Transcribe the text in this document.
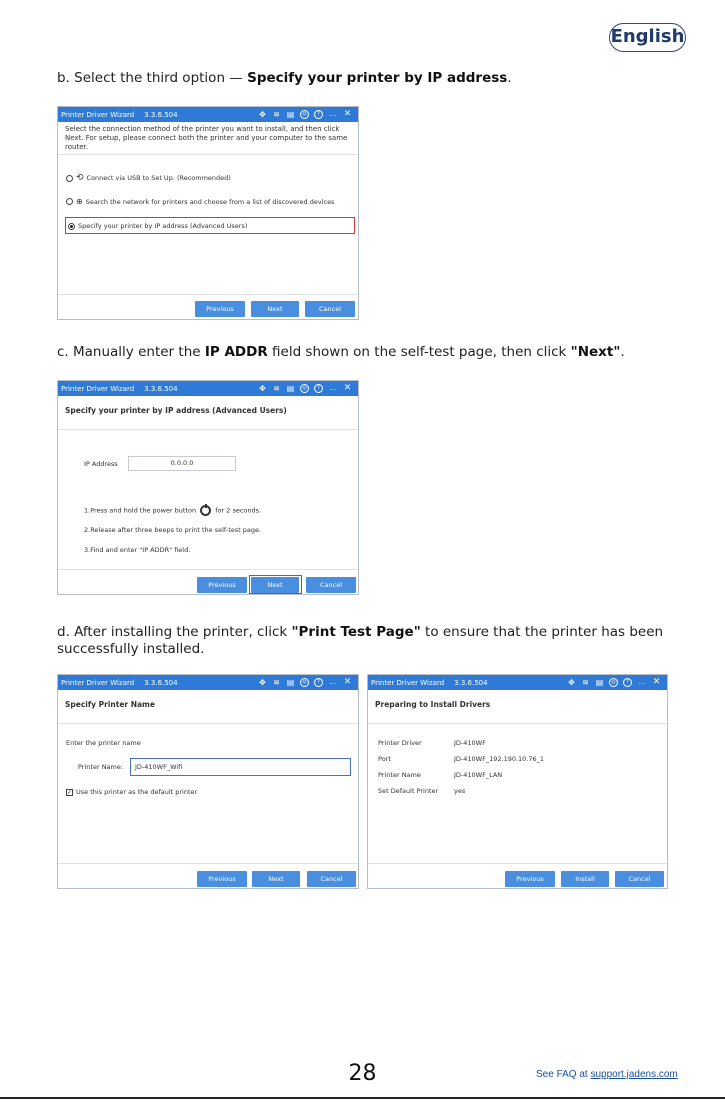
English
b. Select the third option — Specify your printer by IP address.
Printer Driver Wizard 3.3.6.504	✥ ≋ ▤	◎	?	… ✕
Select the connection method of the printer you want to install, and then click
Next. For setup, please connect both the printer and your computer to the same
router.
⟲ Connect via USB to Set Up. (Recommended)
⊕ Search the network for printers and choose from a list of discovered devices
Specify your printer by IP address (Advanced Users)
Previous	Next	Cancel
c. Manually enter the IP ADDR field shown on the self-test page, then click "Next".
Printer Driver Wizard 3.3.6.504	✥ ≋ ▤	◎	?	… ✕
Specify your printer by IP address (Advanced Users)
IP Address	0.0.0.0
1.Press and hold the power button	for 2 seconds.
2.Release after three beeps to print the self-test page.
3.Find and enter "IP ADDR" field.
Previous	Next	Cancel
d. After installing the printer, click "Print Test Page" to ensure that the printer has been
successfully installed.
Printer Driver Wizard 3.3.6.504	✥ ≋ ▤	◎	?	… ✕
Specify Printer Name
Enter the printer name
Printer Name:	JD-410WF_Wifi
✓ Use this printer as the default printer
Previous	Next	Cancel
Printer Driver Wizard 3.3.6.504	✥ ≋ ▤	◎	?	… ✕
Preparing to Install Drivers
Printer Driver	JD-410WF
Port	JD-410WF_192.190.10.76_1
Printer Name	JD-410WF_LAN
Set Default Printer yes
Previous	Install	Cancel
28	See FAQ at support.jadens.com
